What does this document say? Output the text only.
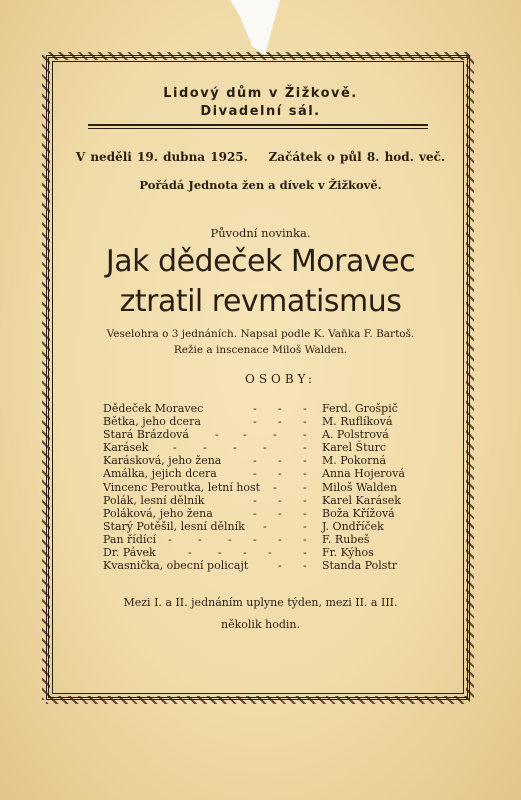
Lidový dům v Žižkově.
Divadelní sál.
V neděli 19. dubna 1925. Začátek o půl 8. hod. več.
Pořádá Jednota žen a dívek v Žižkově.
Původní novinka.
Jak dědeček Moravec
ztratil revmatismus
Veselohra o 3 jednáních. Napsal podle K. Vaňka F. Bartoš.
Režie a inscenace Miloš Walden.
OSOBY:
Dědeček Moravec	- - - Ferd. Grošpič
Bětka, jeho dcera	- - - M. Ruflíková
Stará Brázdová - - - - A. Polstrová
Karásek - - - -	- Karel Šturc
Karásková, jeho žena	- - - M. Pokorná
Amálka, jejich dcera	- - - Anna Hojerová
Vincenc Peroutka, letní host - - Miloš Walden
Polák, lesní dělník	- - - Karel Karásek
Poláková, jeho žena	- - - Boža Křížová
Starý Potěšil, lesní dělník -	- J. Ondříček
Pan řídící - - - - - - F. Rubeš
Dr. Pávek	- - - -	- Fr. Kýhos
Kvasnička, obecní policajt	- - Standa Polstr
Mezi I. a II. jednáním uplyne týden, mezi II. a III.
několik hodin.
